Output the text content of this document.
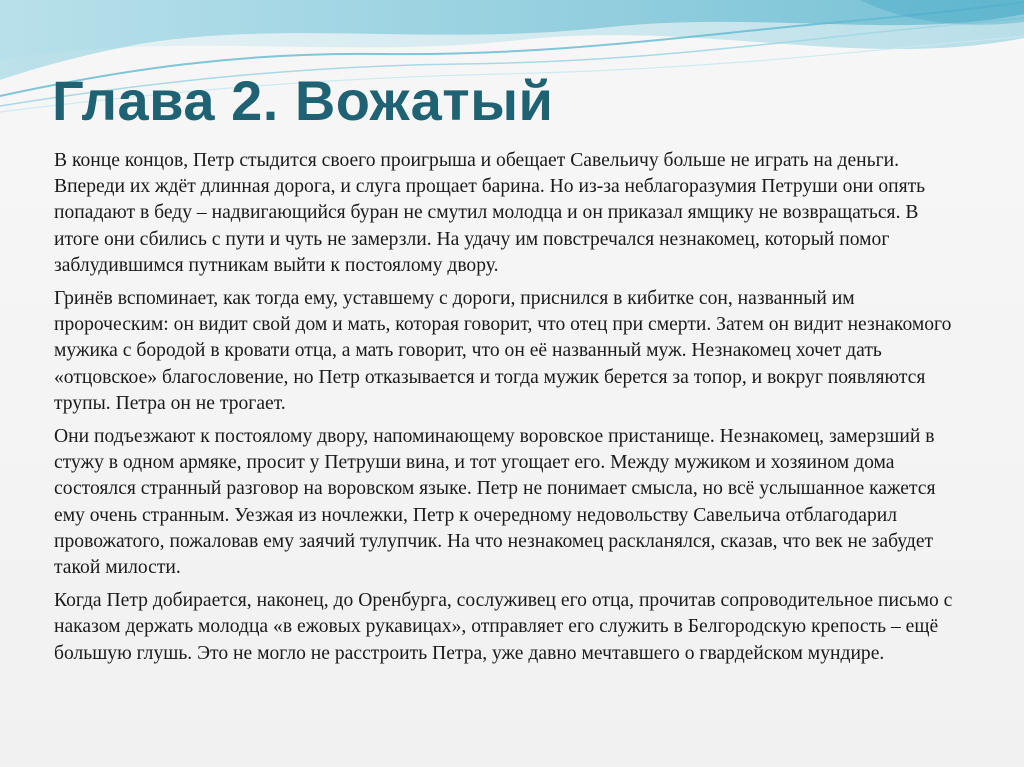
Глава 2. Вожатый

В конце концов, Петр стыдится своего проигрыша и обещает Савельичу больше не играть на деньги. Впереди их ждёт длинная дорога, и слуга прощает барина. Но из-за неблагоразумия Петруши они опять попадают в беду – надвигающийся буран не смутил молодца и он приказал ямщику не возвращаться. В итоге они сбились с пути и чуть не замерзли. На удачу им повстречался незнакомец, который помог заблудившимся путникам выйти к постоялому двору.

Гринёв вспоминает, как тогда ему, уставшему с дороги, приснился в кибитке сон, названный им пророческим: он видит свой дом и мать, которая говорит, что отец при смерти. Затем он видит незнакомого мужика с бородой в кровати отца, а мать говорит, что он её названный муж. Незнакомец хочет дать «отцовское» благословение, но Петр отказывается и тогда мужик берется за топор, и вокруг появляются трупы. Петра он не трогает.

Они подъезжают к постоялому двору, напоминающему воровское пристанище. Незнакомец, замерзший в стужу в одном армяке, просит у Петруши вина, и тот угощает его. Между мужиком и хозяином дома состоялся странный разговор на воровском языке. Петр не понимает смысла, но всё услышанное кажется ему очень странным. Уезжая из ночлежки, Петр к очередному недовольству Савельича отблагодарил провожатого, пожаловав ему заячий тулупчик. На что незнакомец раскланялся, сказав, что век не забудет такой милости.

Когда Петр добирается, наконец, до Оренбурга, сослуживец его отца, прочитав сопроводительное письмо с наказом держать молодца «в ежовых рукавицах», отправляет его служить в Белгородскую крепость – ещё большую глушь. Это не могло не расстроить Петра, уже давно мечтавшего о гвардейском мундире.
